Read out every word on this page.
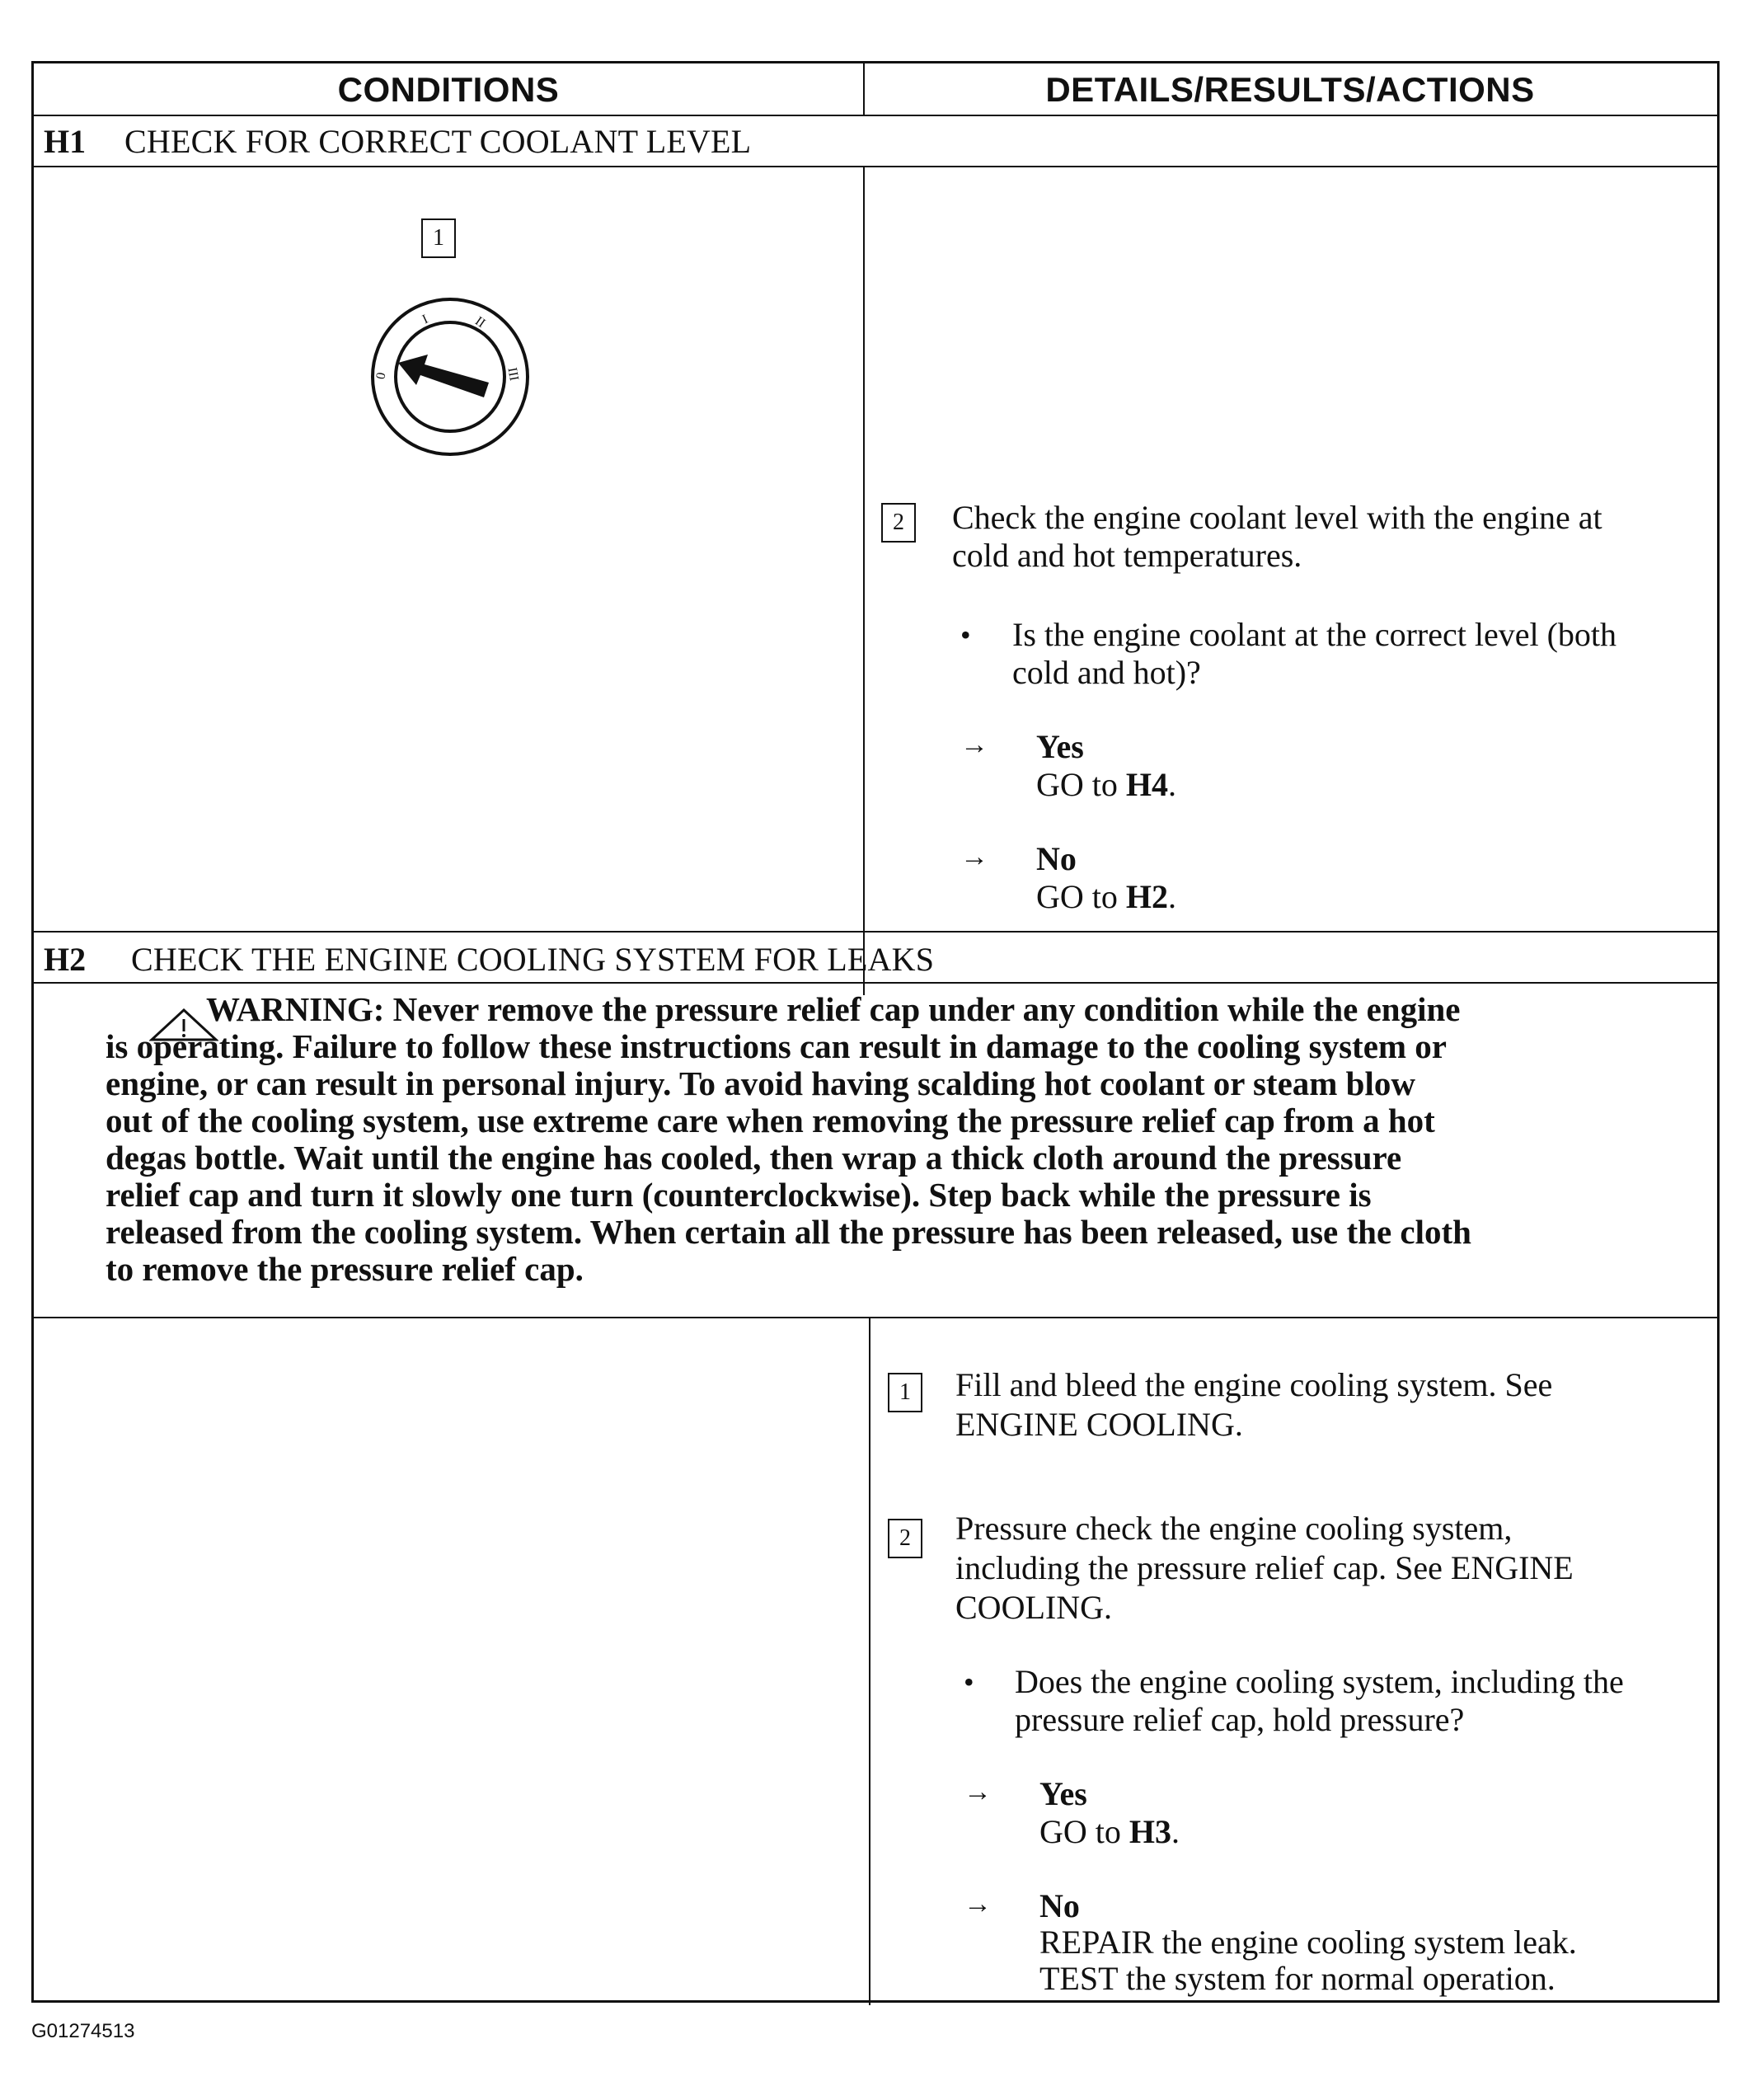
CONDITIONS	DETAILS/RESULTS/ACTIONS
H1 CHECK FOR CORRECT COOLANT LEVEL
1
0
I	II
III
2	Check the engine coolant level with the engine at
cold and hot temperatures.
• Is the engine coolant at the correct level (both
cold and hot)?
→ Yes
GO to H4.
→ No
GO to H2.
H2 CHECK THE ENGINE COOLING SYSTEM FOR LEAKS
1	Fill and bleed the engine cooling system. See
ENGINE COOLING.
2	Pressure check the engine cooling system,
including the pressure relief cap. See ENGINE
COOLING.
• Does the engine cooling system, including the
pressure relief cap, hold pressure?
→ Yes
GO to H3.
→ No
REPAIR the engine cooling system leak.
TEST the system for normal operation.
WARNING: Never remove the pressure relief cap under any condition while the engine
is operating. Failure to follow these instructions can result in damage to the cooling system or
engine, or can result in personal injury. To avoid having scalding hot coolant or steam blow
out of the cooling system, use extreme care when removing the pressure relief cap from a hot
degas bottle. Wait until the engine has cooled, then wrap a thick cloth around the pressure
relief cap and turn it slowly one turn (counterclockwise). Step back while the pressure is
released from the cooling system. When certain all the pressure has been released, use the cloth
to remove the pressure relief cap.
G01274513
